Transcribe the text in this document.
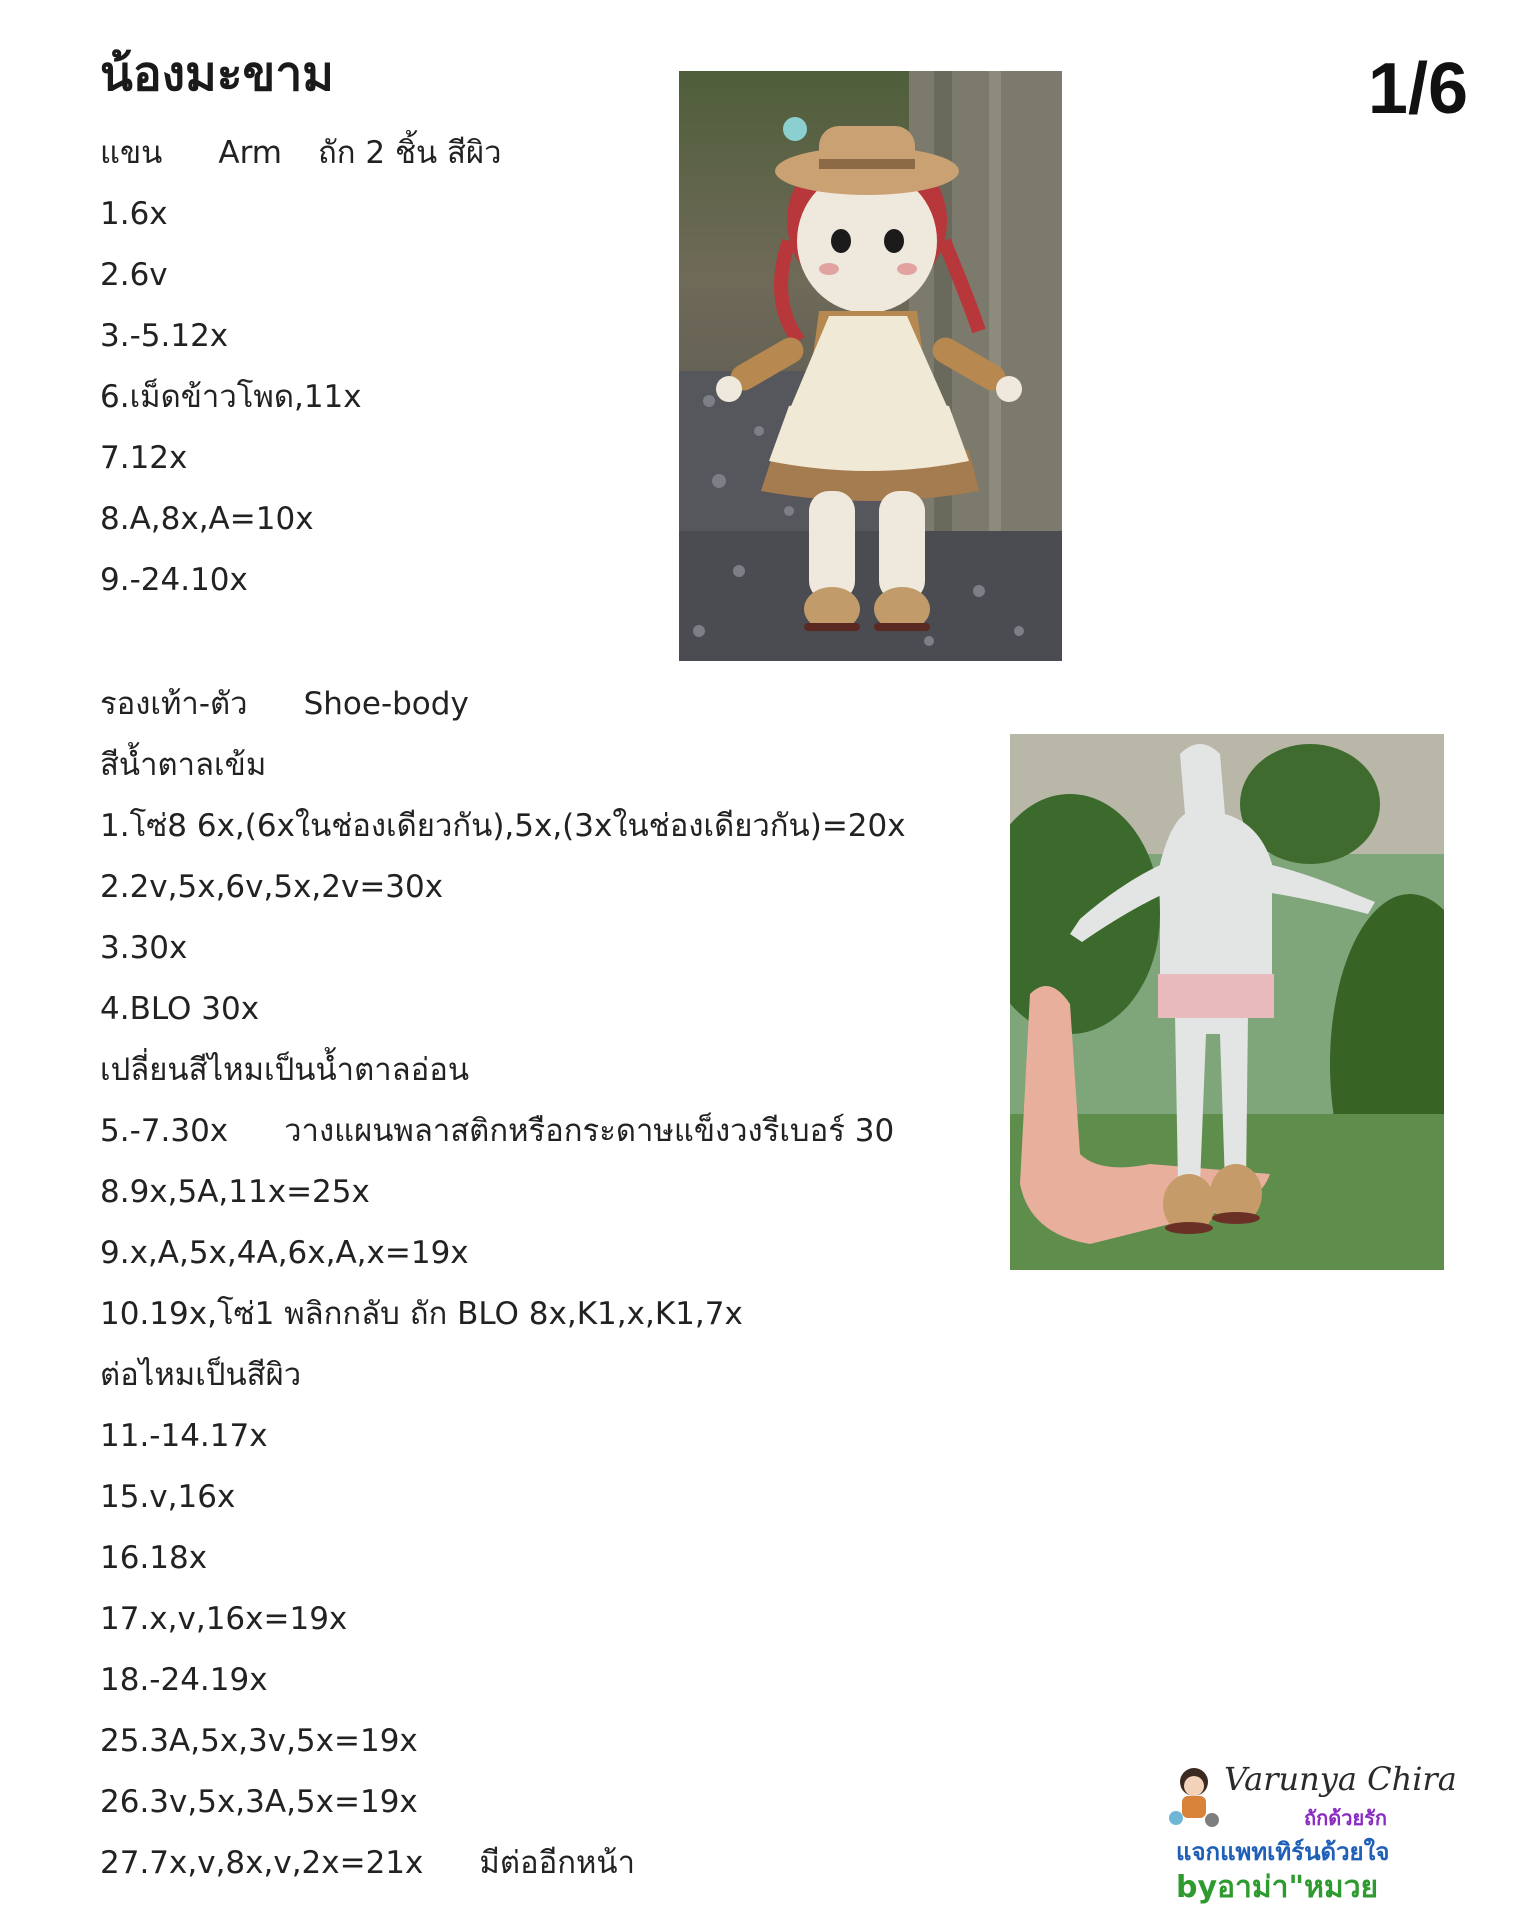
น้องมะขาม	1/6
แขน Arm ถัก 2 ชิ้น สีผิว
1.6x
2.6v
3.-5.12x
6.เม็ดข้าวโพด,11x
7.12x
8.A,8x,A=10x
9.-24.10x
รองเท้า-ตัว Shoe-body
สีน้ำตาลเข้ม
1.โซ่8 6x,(6xในช่องเดียวกัน),5x,(3xในช่องเดียวกัน)=20x
2.2v,5x,6v,5x,2v=30x
3.30x
4.BLO 30x
เปลี่ยนสีไหมเป็นน้ำตาลอ่อน
5.-7.30x วางแผนพลาสติกหรือกระดาษแข็งวงรีเบอร์ 30
8.9x,5A,11x=25x
9.x,A,5x,4A,6x,A,x=19x
10.19x,โซ่1 พลิกกลับ ถัก BLO 8x,K1,x,K1,7x
ต่อไหมเป็นสีผิว
11.-14.17x
15.v,16x
16.18x
17.x,v,16x=19x
18.-24.19x
25.3A,5x,3v,5x=19x
26.3v,5x,3A,5x=19x
27.7x,v,8x,v,2x=21x มีต่ออีกหน้า
Varunya Chira
ถักด้วยรัก
แจกแพทเทิร์นด้วยใจ
byอาม่า"หมวย
